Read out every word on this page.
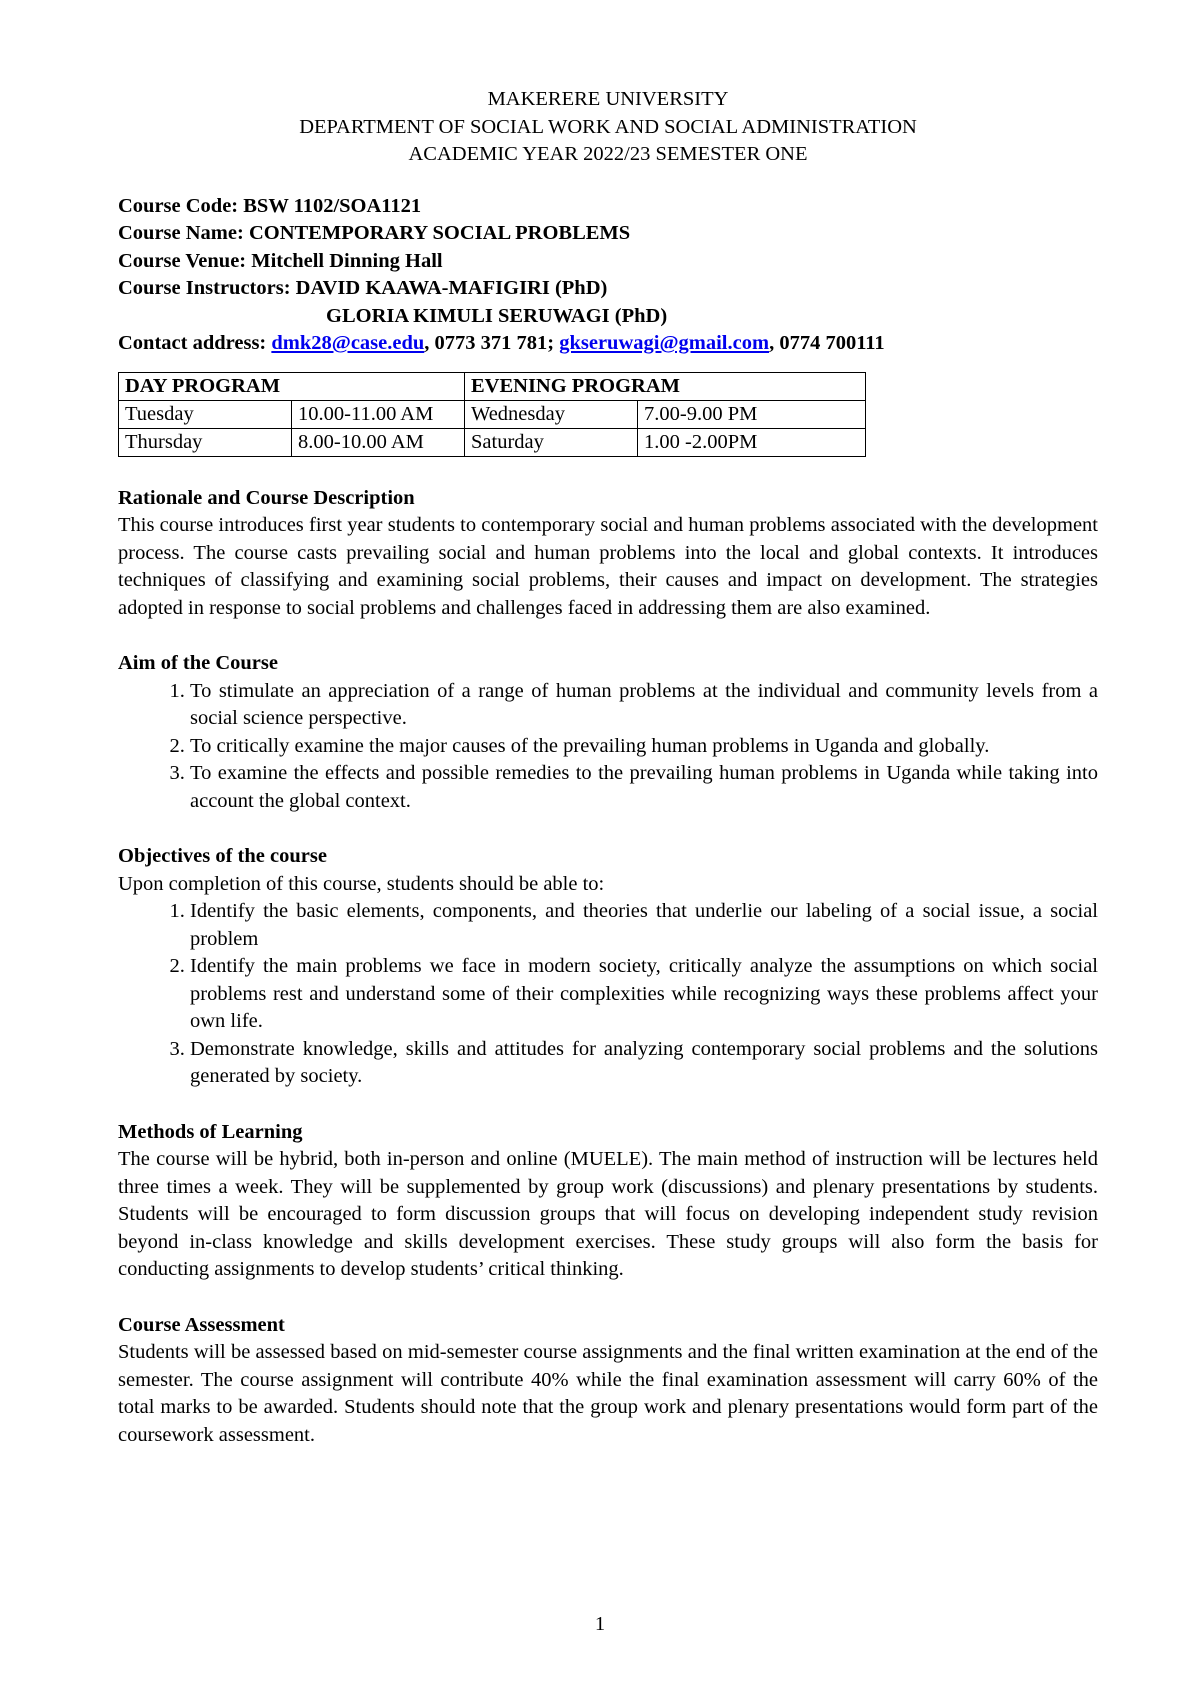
MAKERERE UNIVERSITY
DEPARTMENT OF SOCIAL WORK AND SOCIAL ADMINISTRATION
ACADEMIC YEAR 2022/23 SEMESTER ONE
Course Code: BSW 1102/SOA1121
Course Name: CONTEMPORARY SOCIAL PROBLEMS
Course Venue: Mitchell Dinning Hall
Course Instructors: DAVID KAAWA-MAFIGIRI (PhD)
GLORIA KIMULI SERUWAGI (PhD)
Contact address: dmk28@case.edu, 0773 371 781; gkseruwagi@gmail.com, 0774 700111
DAY PROGRAM		EVENING PROGRAM	
Tuesday	10.00-11.00 AM	Wednesday	7.00-9.00 PM
Thursday	8.00-10.00 AM	Saturday	1.00 -2.00PM
Rationale and Course Description

This course introduces first year students to contemporary social and human problems associated with the development process. The course casts prevailing social and human problems into the local and global contexts. It introduces techniques of classifying and examining social problems, their causes and impact on development. The strategies adopted in response to social problems and challenges faced in addressing them are also examined.

Aim of the Course
1. To stimulate an appreciation of a range of human problems at the individual and community levels from a social science perspective.
2. To critically examine the major causes of the prevailing human problems in Uganda and globally.
3. To examine the effects and possible remedies to the prevailing human problems in Uganda while taking into account the global context.
Objectives of the course

Upon completion of this course, students should be able to:

1. Identify the basic elements, components, and theories that underlie our labeling of a social issue, a social problem
2. Identify the main problems we face in modern society, critically analyze the assumptions on which social problems rest and understand some of their complexities while recognizing ways these problems affect your own life.
3. Demonstrate knowledge, skills and attitudes for analyzing contemporary social problems and the solutions generated by society.
Methods of Learning

The course will be hybrid, both in-person and online (MUELE). The main method of instruction will be lectures held three times a week. They will be supplemented by group work (discussions) and plenary presentations by students. Students will be encouraged to form discussion groups that will focus on developing independent study revision beyond in-class knowledge and skills development exercises. These study groups will also form the basis for conducting assignments to develop students’ critical thinking.

Course Assessment

Students will be assessed based on mid-semester course assignments and the final written examination at the end of the semester. The course assignment will contribute 40% while the final examination assessment will carry 60% of the total marks to be awarded. Students should note that the group work and plenary presentations would form part of the coursework assessment.

1
